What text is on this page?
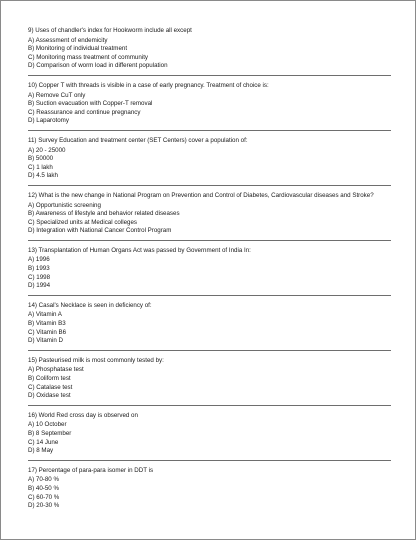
9) Uses of chandler's index for Hookworm include all except
A) Assessment of endemicity
B) Monitoring of individual treatment
C) Monitoring mass treatment of community
D) Comparison of worm load in different population
10) Copper T with threads is visible in a case of early pregnancy. Treatment of choice is:
A) Remove CuT only
B) Suction evacuation with Copper-T removal
C) Reassurance and continue pregnancy
D) Laparotomy
11) Survey Education and treatment center (SET Centers) cover a population of:
A) 20 - 25000
B) 50000
C) 1 lakh
D) 4.5 lakh
12) What is the new change in National Program on Prevention and Control of Diabetes, Cardiovascular diseases and Stroke?
A) Opportunistic screening
B) Awareness of lifestyle and behavior related diseases
C) Specialized units at Medical colleges
D) Integration with National Cancer Control Program
13) Transplantation of Human Organs Act was passed by Government of India In:
A) 1996
B) 1993
C) 1998
D) 1994
14) Casal's Necklace is seen in deficiency of:
A) Vitamin A
B) Vitamin B3
C) Vitamin B6
D) Vitamin D
15) Pasteurised milk is most commonly tested by:
A) Phosphatase test
B) Coliform test
C) Catalase test
D) Oxidase test
16) World Red cross day is observed on
A) 10 October
B) 8 September
C) 14 June
D) 8 May
17) Percentage of para-para isomer in DDT is
A) 70-80 %
B) 40-50 %
C) 60-70 %
D) 20-30 %
